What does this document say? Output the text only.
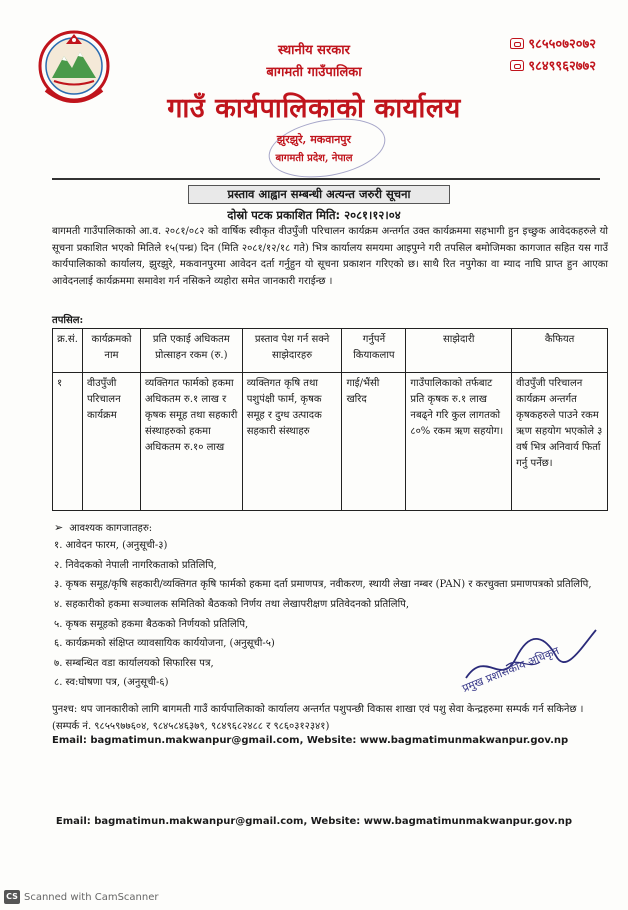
स्थानीय सरकार
बागमती गाउँपालिका
गाउँ कार्यपालिकाको कार्यालय
झुरझुरे, मकवानपुर
बागमती प्रदेश, नेपाल
९८५५०७२०७२
९८४९९६२७७२
प्रस्ताव आह्वान सम्बन्धी अत्यन्त जरुरी सूचना
दोस्रो पटक प्रकाशित मिति: २०८१।१२।०४
बागमती गाउँपालिकाको आ.व. २०८१/०८२ को वार्षिक स्वीकृत वीउपुँजी परिचालन कार्यक्रम अन्तर्गत उक्त कार्यक्रममा सहभागी हुन इच्छुक आवेदकहरुले यो सूचना प्रकाशित भएको मितिले १५(पन्ध्र) दिन (मिति २०८१/१२/१८ गते) भित्र कार्यालय समयमा आइपुग्ने गरी तपसिल बमोजिमका कागजात सहित यस गाउँ कार्यपालिकाको कार्यालय, झुरझुरे, मकवानपुरमा आवेदन दर्ता गर्नुहुन यो सूचना प्रकाशन गरिएको छ। साथै रित नपुगेका वा म्याद नाघि प्राप्त हुन आएका आवेदनलाई कार्यक्रममा समावेश गर्न नसिकने व्यहोरा समेत जानकारी गराईन्छ ।
तपसिल:
क्र.सं.	कार्यक्रमको नाम	प्रति एकाई अधिकतम प्रोत्साहन रकम (रु.)	प्रस्ताव पेश गर्न सक्ने साझेदारहरु	गर्नुपर्ने कियाकलाप	साझेदारी	कैफियत
१	वीउपुँजी परिचालन कार्यक्रम	व्यक्तिगत फार्मको हकमा अधिकतम रु.१ लाख र कृषक समूह तथा सहकारी संस्थाहरुको हकमा अधिकतम रु.१० लाख	व्यक्तिगत कृषि तथा पशुपंक्षी फार्म, कृषक समूह र दुग्ध उत्पादक सहकारी संस्थाहरु	गाई/भैंसी खरिद	गाउँपालिकाको तर्फबाट प्रति कृषक रु.१ लाख नबढ्ने गरि कुल लागतको ८०% रकम ऋण सहयोग।	वीउपुँजी परिचालन कार्यक्रम अन्तर्गत कृषकहरुले पाउने रकम ऋण सहयोग भएकोले ३ वर्ष भित्र अनिवार्य फिर्ता गर्नु पर्नेछ।
➢ आवश्यक कागजातहरु:
१. आवेदन फारम, (अनुसूची-३)
२. निवेदकको नेपाली नागरिकताको प्रतिलिपि,
३. कृषक समूह/कृषि सहकारी/व्यक्तिगत कृषि फार्मको हकमा दर्ता प्रमाणपत्र, नवीकरण, स्थायी लेखा नम्बर (PAN) र करचुक्ता प्रमाणपत्रको प्रतिलिपि,
४. सहकारीको हकमा सञ्चालक समितिको बैठकको निर्णय तथा लेखापरीक्षण प्रतिवेदनको प्रतिलिपि,
५. कृषक समूहको हकमा बैठकको निर्णयको प्रतिलिपि,
६. कार्यक्रमको संक्षिप्त व्यावसायिक कार्ययोजना, (अनुसूची-५)
७. सम्बन्धित वडा कार्यालयको सिफारिस पत्र,
८. स्व:घोषणा पत्र, (अनुसूची-६)	प्रमुख प्रशासकीय अधिकृत
पुनश्च: थप जानकारीको लागि बागमती गाउँ कार्यपालिकाको कार्यालय अन्तर्गत पशुपन्छी विकास शाखा एवं पशु सेवा केन्द्रहरुमा सम्पर्क गर्न सकिनेछ । (सम्पर्क नं. ९८५५९७७६०४, ९८४५८४६३७९, ९८४९६८२४८८ र ९८६०३१२३४१)
Email: bagmatimun.makwanpur@gmail.com, Website: www.bagmatimunmakwanpur.gov.np
Email: bagmatimun.makwanpur@gmail.com, Website: www.bagmatimunmakwanpur.gov.np
CS Scanned with CamScanner
